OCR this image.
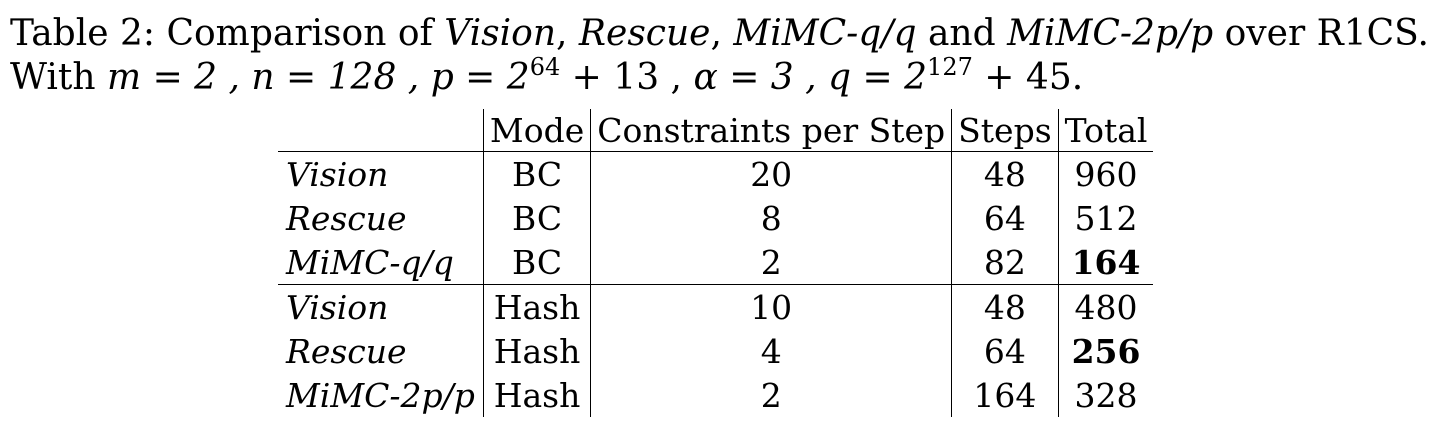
Table 2: Comparison of Vision, Rescue, MiMC-q/q and MiMC-2p/p over R1CS.
With m = 2 , n = 128 , $p = 2^{64} + 13$ , α = 3 , $q = 2^{127} + 45$.
	Mode	Constraints per Step	Steps	Total
Vision	BC	20	48	960
Rescue	BC	8	64	512
MiMC-q/q	BC	2	82	164
Vision	Hash	10	48	480
Rescue	Hash	4	64	256
MiMC-2p/p	Hash	2	164	328
